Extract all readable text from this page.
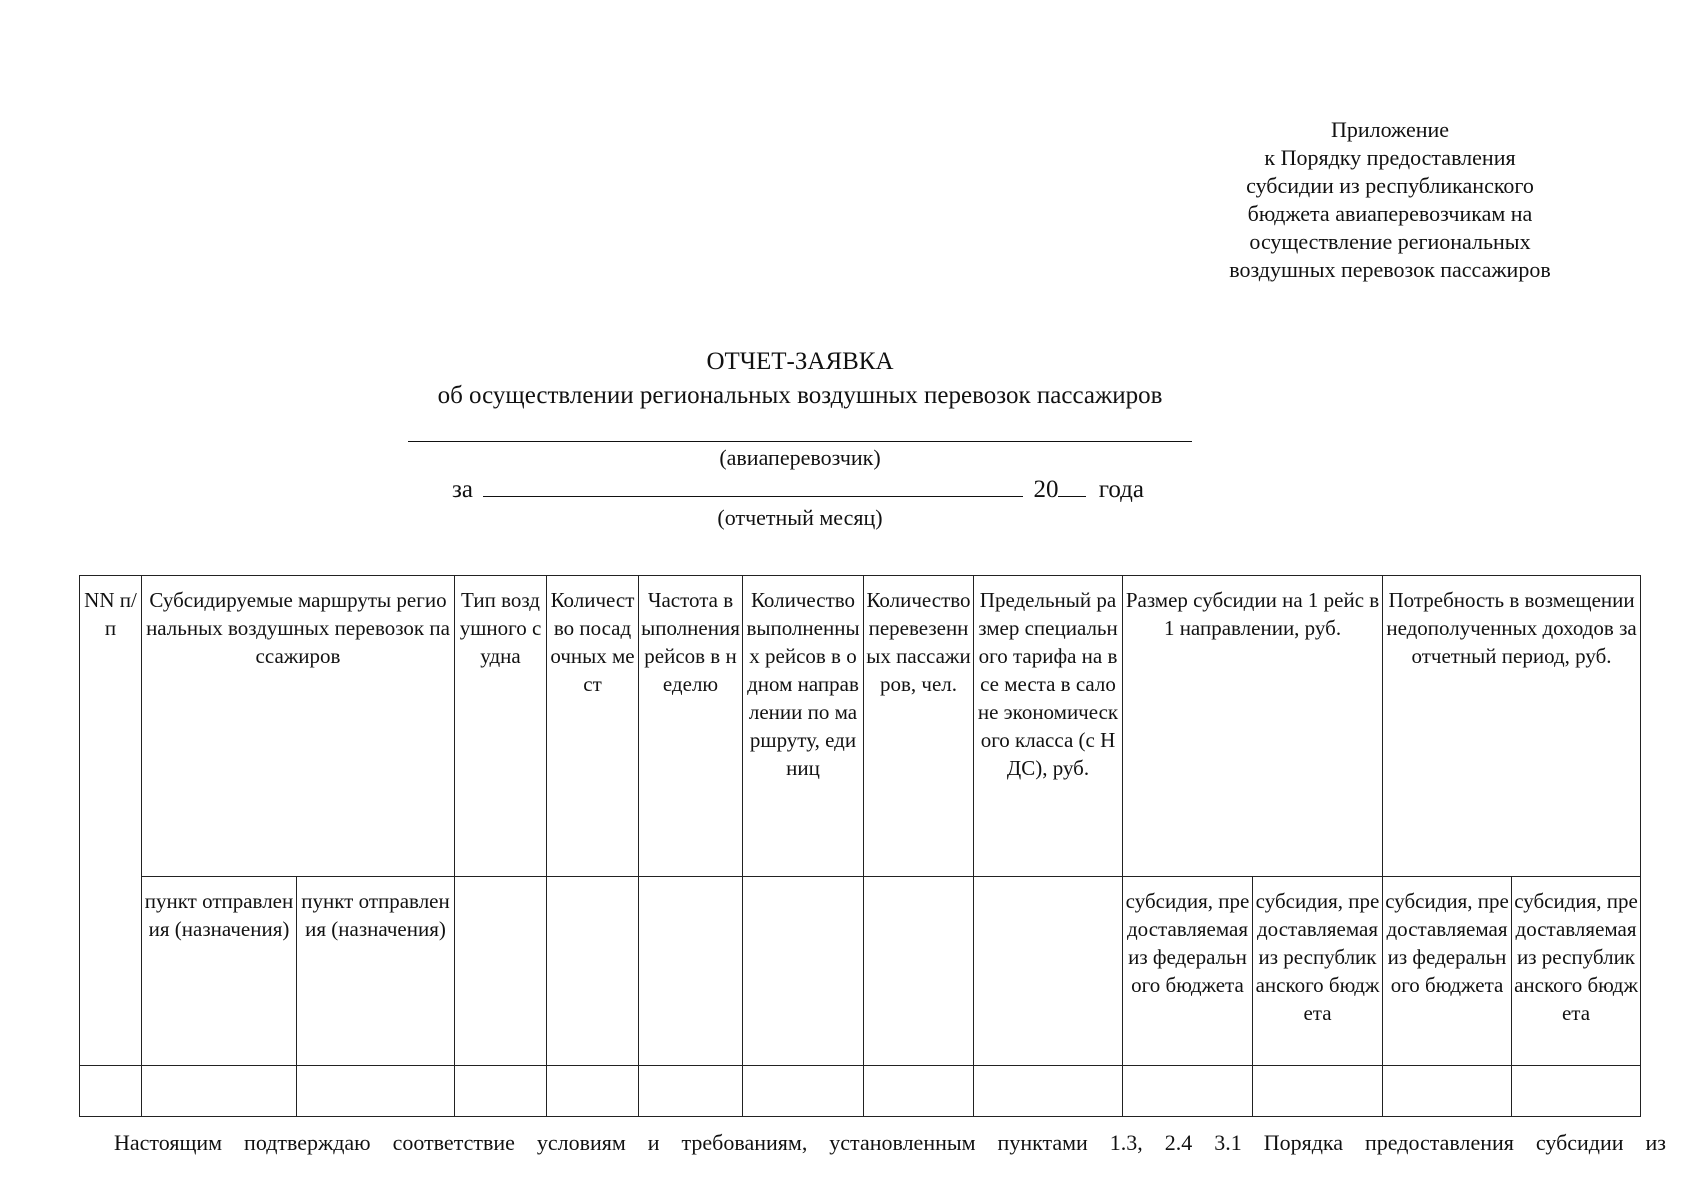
Приложение
к Порядку предоставления
субсидии из республиканского
бюджета авиаперевозчикам на
осуществление региональных
воздушных перевозок пассажиров
ОТЧЕТ-ЗАЯВКА
об осуществлении региональных воздушных перевозок пассажиров
(авиаперевозчик)
за	20 года
(отчетный месяц)
NN п/п	Субсидируемые маршруты региональных воздушных перевозок пассажиров		Тип воздушного судна	Количество посадочных мест	Частота выполнения рейсов в неделю	Количество выполненных рейсов в одном направлении по маршруту, единиц	Количество перевезенных пассажиров, чел.	Предельный размер специального тарифа на все места в салоне экономического класса (с НДС), руб.	Размер субсидии на 1 рейс в 1 направлении, руб.		Потребность в возмещении недополученных доходов за отчетный период, руб.	
	пункт отправления (назначения)	пункт отправления (назначения)							субсидия, предоставляемая из федерального бюджета	субсидия, предоставляемая из республиканского бюджета	субсидия, предоставляемая из федерального бюджета	субсидия, предоставляемая из республиканского бюджета

Настоящим подтверждаю соответствие условиям и требованиям, установленным пунктами 1.3, 2.4 3.1 Порядка предоставления субсидии из
